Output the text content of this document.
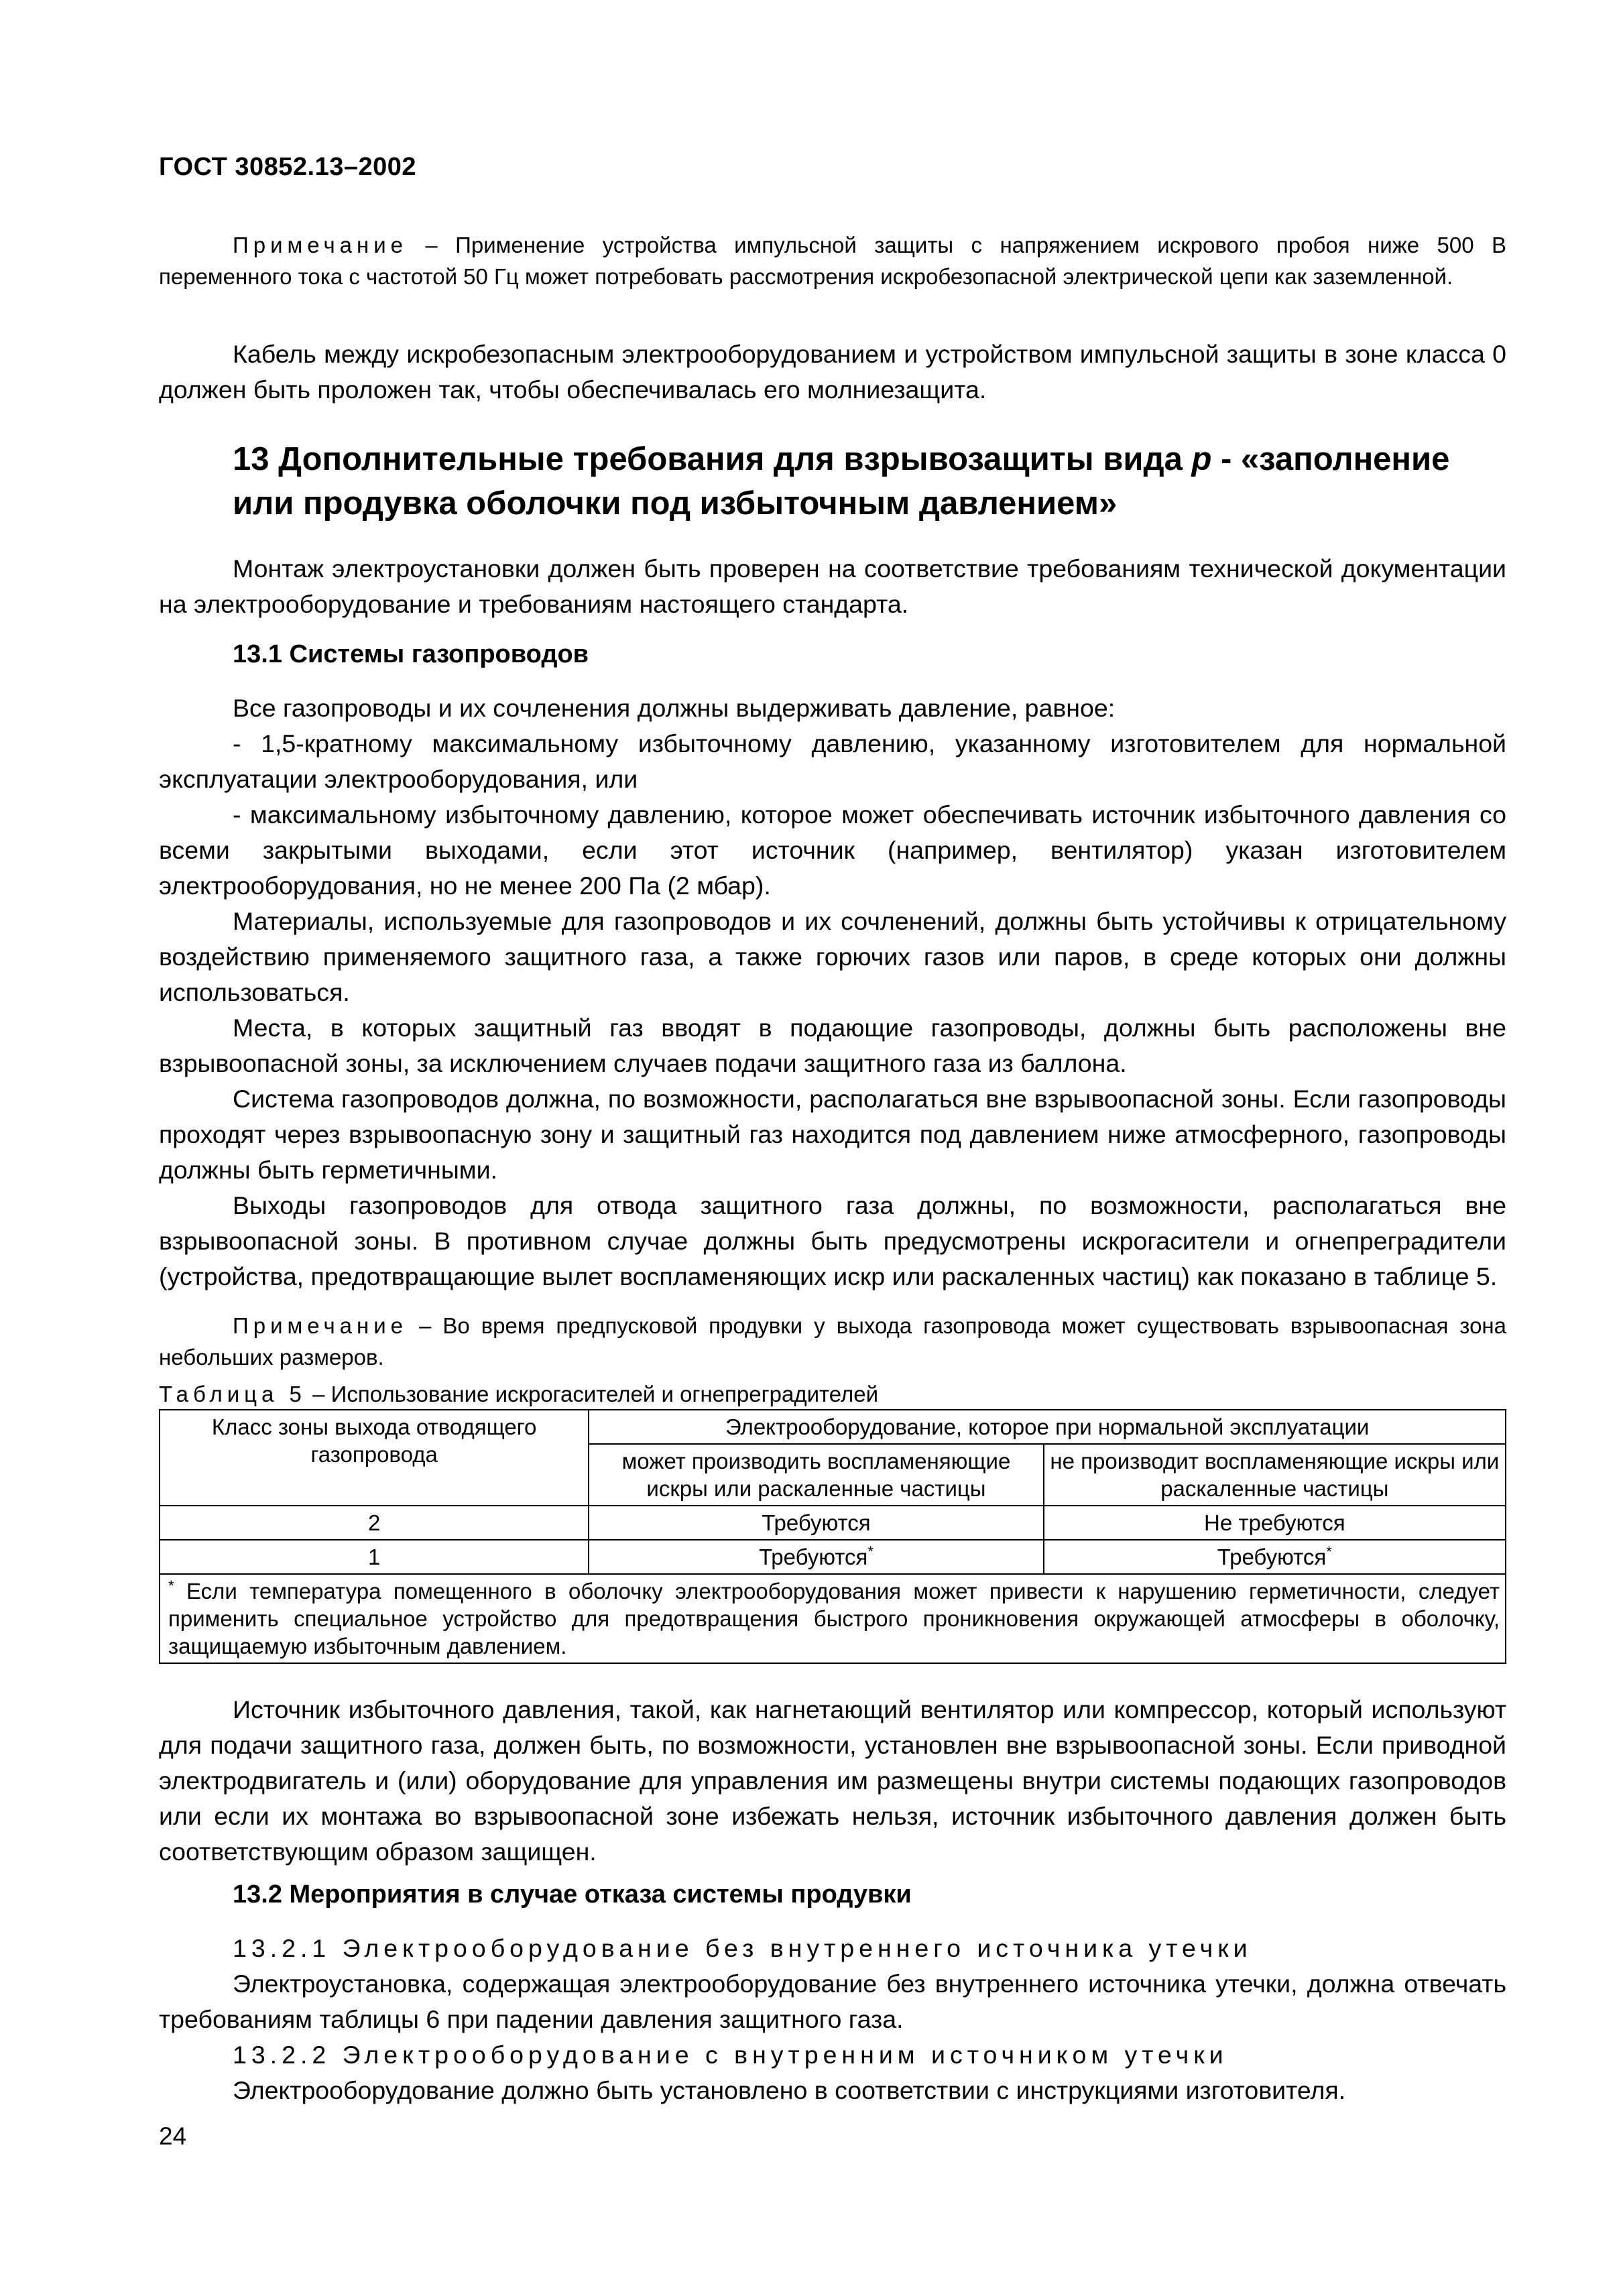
ГОСТ 30852.13–2002

Примечание – Применение устройства импульсной защиты с напряжением искрового пробоя ниже 500 В переменного тока с частотой 50 Гц может потребовать рассмотрения искробезопасной электрической цепи как заземленной.

Кабель между искробезопасным электрооборудованием и устройством импульсной защиты в зоне класса 0 должен быть проложен так, чтобы обеспечивалась его молниезащита.

13 Дополнительные требования для взрывозащиты вида p - «заполнение или продувка оболочки под избыточным давлением»

Монтаж электроустановки должен быть проверен на соответствие требованиям технической документации на электрооборудование и требованиям настоящего стандарта.

13.1 Системы газопроводов

Все газопроводы и их сочленения должны выдерживать давление, равное:

- 1,5-кратному максимальному избыточному давлению, указанному изготовителем для нормальной эксплуатации электрооборудования, или

- максимальному избыточному давлению, которое может обеспечивать источник избыточного давления со всеми закрытыми выходами, если этот источник (например, вентилятор) указан изготовителем электрооборудования, но не менее 200 Па (2 мбар).

Материалы, используемые для газопроводов и их сочленений, должны быть устойчивы к отрицательному воздействию применяемого защитного газа, а также горючих газов или паров, в среде которых они должны использоваться.

Места, в которых защитный газ вводят в подающие газопроводы, должны быть расположены вне взрывоопасной зоны, за исключением случаев подачи защитного газа из баллона.

Система газопроводов должна, по возможности, располагаться вне взрывоопасной зоны. Если газопроводы проходят через взрывоопасную зону и защитный газ находится под давлением ниже атмосферного, газопроводы должны быть герметичными.

Выходы газопроводов для отвода защитного газа должны, по возможности, располагаться вне взрывоопасной зоны. В противном случае должны быть предусмотрены искрогасители и огнепреградители (устройства, предотвращающие вылет воспламеняющих искр или раскаленных частиц) как показано в таблице 5.

Примечание – Во время предпусковой продувки у выхода газопровода может существовать взрывоопасная зона небольших размеров.

Таблица 5 – Использование искрогасителей и огнепреградителей

Класс зоны выхода отводящего газопровода	Электрооборудование, которое при нормальной эксплуатации	
	может производить воспламеняющие искры или раскаленные частицы	не производит воспламеняющие искры или раскаленные частицы
2	Требуются	Не требуются
1	Требуются*	Требуются*
* Если температура помещенного в оболочку электрооборудования может привести к нарушению герметичности, следует применить специальное устройство для предотвращения быстрого проникновения окружающей атмосферы в оболочку, защищаемую избыточным давлением.		

Источник избыточного давления, такой, как нагнетающий вентилятор или компрессор, который используют для подачи защитного газа, должен быть, по возможности, установлен вне взрывоопасной зоны. Если приводной электродвигатель и (или) оборудование для управления им размещены внутри системы подающих газопроводов или если их монтажа во взрывоопасной зоне избежать нельзя, источник избыточного давления должен быть соответствующим образом защищен.

13.2 Мероприятия в случае отказа системы продувки

13.2.1 Электрооборудование без внутреннего источника утечки

Электроустановка, содержащая электрооборудование без внутреннего источника утечки, должна отвечать требованиям таблицы 6 при падении давления защитного газа.

13.2.2 Электрооборудование с внутренним источником утечки

Электрооборудование должно быть установлено в соответствии с инструкциями изготовителя.

24
